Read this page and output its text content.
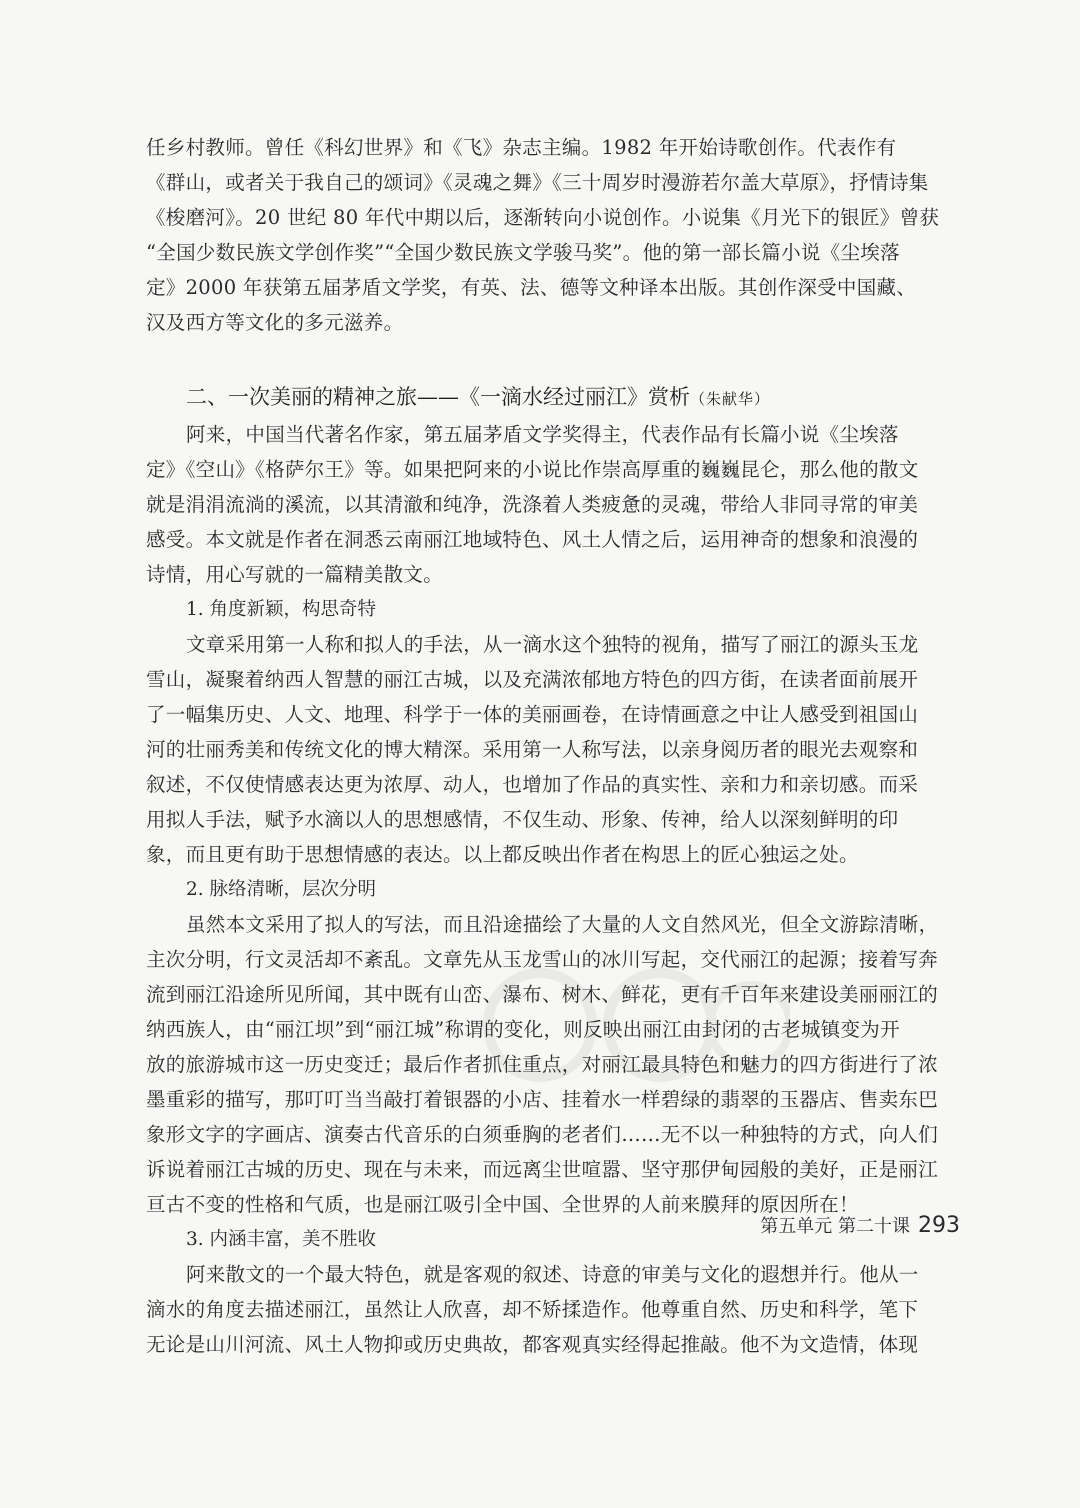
任乡村教师。曾任《科幻世界》和《飞》杂志主编。1982 年开始诗歌创作。代表作有
《群山，或者关于我自己的颂词》《灵魂之舞》《三十周岁时漫游若尔盖大草原》，抒情诗集
《梭磨河》。20 世纪 80 年代中期以后，逐渐转向小说创作。小说集《月光下的银匠》曾获
“全国少数民族文学创作奖”“全国少数民族文学骏马奖”。他的第一部长篇小说《尘埃落
定》2000 年获第五届茅盾文学奖，有英、法、德等文种译本出版。其创作深受中国藏、
汉及西方等文化的多元滋养。
二、一次美丽的精神之旅——《一滴水经过丽江》赏析（朱献华）
阿来，中国当代著名作家，第五届茅盾文学奖得主，代表作品有长篇小说《尘埃落
定》《空山》《格萨尔王》等。如果把阿来的小说比作崇高厚重的巍巍昆仑，那么他的散文
就是涓涓流淌的溪流，以其清澈和纯净，洗涤着人类疲惫的灵魂，带给人非同寻常的审美
感受。本文就是作者在洞悉云南丽江地域特色、风土人情之后，运用神奇的想象和浪漫的
诗情，用心写就的一篇精美散文。
1. 角度新颖，构思奇特
文章采用第一人称和拟人的手法，从一滴水这个独特的视角，描写了丽江的源头玉龙
雪山，凝聚着纳西人智慧的丽江古城，以及充满浓郁地方特色的四方街，在读者面前展开
了一幅集历史、人文、地理、科学于一体的美丽画卷，在诗情画意之中让人感受到祖国山
河的壮丽秀美和传统文化的博大精深。采用第一人称写法，以亲身阅历者的眼光去观察和
叙述，不仅使情感表达更为浓厚、动人，也增加了作品的真实性、亲和力和亲切感。而采
用拟人手法，赋予水滴以人的思想感情，不仅生动、形象、传神，给人以深刻鲜明的印
象，而且更有助于思想情感的表达。以上都反映出作者在构思上的匠心独运之处。
2. 脉络清晰，层次分明
虽然本文采用了拟人的写法，而且沿途描绘了大量的人文自然风光，但全文游踪清晰，
主次分明，行文灵活却不紊乱。文章先从玉龙雪山的冰川写起，交代丽江的起源；接着写奔
流到丽江沿途所见所闻，其中既有山峦、瀑布、树木、鲜花，更有千百年来建设美丽丽江的
纳西族人，由“丽江坝”到“丽江城”称谓的变化，则反映出丽江由封闭的古老城镇变为开
放的旅游城市这一历史变迁；最后作者抓住重点，对丽江最具特色和魅力的四方街进行了浓
墨重彩的描写，那叮叮当当敲打着银器的小店、挂着水一样碧绿的翡翠的玉器店、售卖东巴
象形文字的字画店、演奏古代音乐的白须垂胸的老者们……无不以一种独特的方式，向人们
诉说着丽江古城的历史、现在与未来，而远离尘世喧嚣、坚守那伊甸园般的美好，正是丽江
亘古不变的性格和气质，也是丽江吸引全中国、全世界的人前来膜拜的原因所在！
3. 内涵丰富，美不胜收
阿来散文的一个最大特色，就是客观的叙述、诗意的审美与文化的遐想并行。他从一
滴水的角度去描述丽江，虽然让人欣喜，却不矫揉造作。他尊重自然、历史和科学，笔下
无论是山川河流、风土人物抑或历史典故，都客观真实经得起推敲。他不为文造情，体现
第五单元 第二十课 293
